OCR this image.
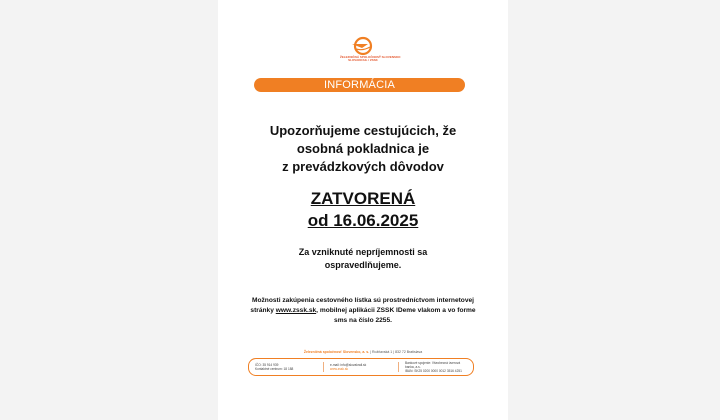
ŽELEZNIČNÁ SPOLOČNOSŤ SLOVENSKO
SLOVAKRAIL / ZSSK
INFORMÁCIA
Upozorňujeme cestujúcich, že
osobná pokladnica je
z prevádzkových dôvodov
ZATVORENÁ
od 16.06.2025
Za vzniknuté nepríjemnosti sa
ospravedlňujeme.
Možnosti zakúpenia cestovného lístka sú prostredníctvom internetovej
stránky www.zssk.sk, mobilnej aplikácii ZSSK IDeme vlakom a vo forme
sms na číslo 2255.
Železničná spoločnosť Slovensko, a. s. | Rožňavská 1 | 832 72 Bratislava
IČO: 35 914 939
Kontaktné centrum: 18 188
e-mail: info@slovakrail.sk
www.zssk.sk
Bankové spojenie: Všeobecná úverová banka, a.s.
IBAN: SK25 0200 0000 0012 3516 4251
